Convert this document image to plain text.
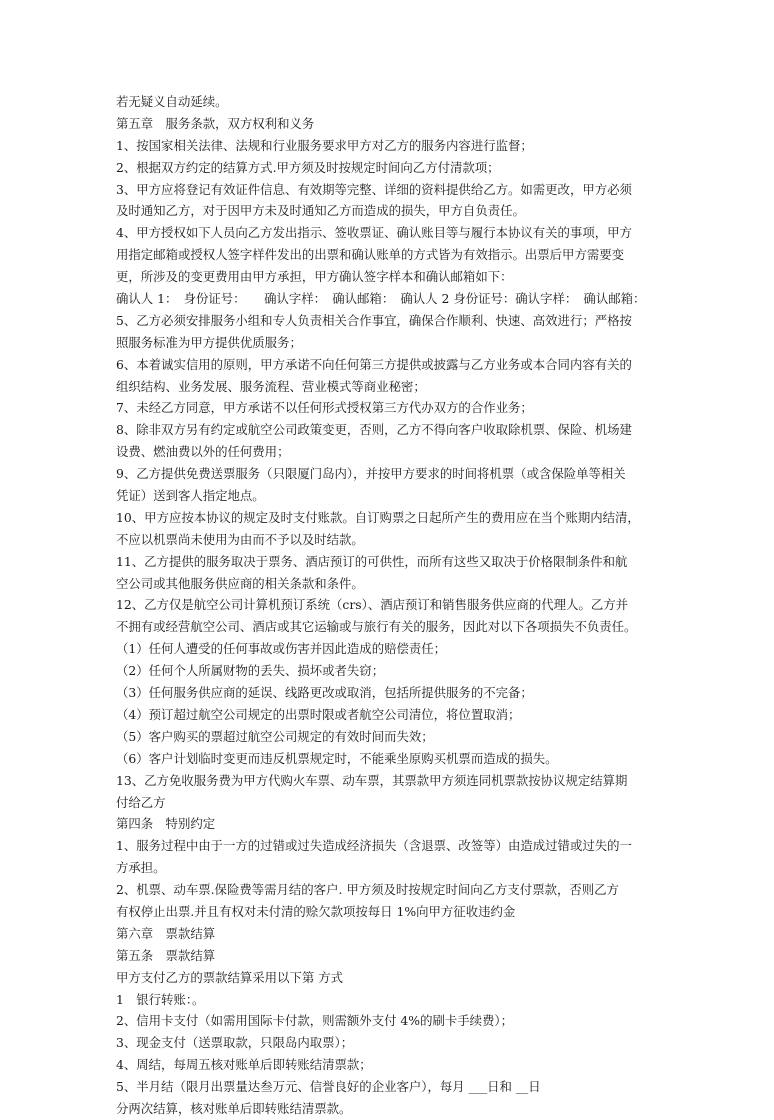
若无疑义自动延续。
第五章　服务条款，双方权利和义务
1、按国家相关法律、法规和行业服务要求甲方对乙方的服务内容进行监督；
2、根据双方约定的结算方式.甲方须及时按规定时间向乙方付清款项；
3、甲方应将登记有效证件信息、有效期等完整、详细的资料提供给乙方。如需更改，甲方必须
及时通知乙方，对于因甲方未及时通知乙方而造成的损失，甲方自负责任。
4、甲方授权如下人员向乙方发出指示、签收票证、确认账目等与履行本协议有关的事项，甲方
用指定邮箱或授权人签字样件发出的出票和确认账单的方式皆为有效指示。出票后甲方需要变
更，所涉及的变更费用由甲方承担，甲方确认签字样本和确认邮箱如下：
确认人 1：　身份证号：　　确认字样：　确认邮箱：　确认人 2 身份证号：确认字样：　确认邮箱：
5、乙方必须安排服务小组和专人负责相关合作事宜，确保合作顺利、快速、高效进行；严格按
照服务标准为甲方提供优质服务；
6、本着诚实信用的原则，甲方承诺不向任何第三方提供或披露与乙方业务或本合同内容有关的
组织结构、业务发展、服务流程、营业模式等商业秘密；
7、未经乙方同意，甲方承诺不以任何形式授权第三方代办双方的合作业务；
8、除非双方另有约定或航空公司政策变更，否则，乙方不得向客户收取除机票、保险、机场建
设费、燃油费以外的任何费用；
9、乙方提供免费送票服务（只限厦门岛内），并按甲方要求的时间将机票（或含保险单等相关
凭证）送到客人指定地点。
10、甲方应按本协议的规定及时支付账款。自订购票之日起所产生的费用应在当个账期内结清，
不应以机票尚未使用为由而不予以及时结款。
11、乙方提供的服务取决于票务、酒店预订的可供性，而所有这些又取决于价格限制条件和航
空公司或其他服务供应商的相关条款和条件。
12、乙方仅是航空公司计算机预订系统（crs）、酒店预订和销售服务供应商的代理人。乙方并
不拥有或经营航空公司、酒店或其它运输或与旅行有关的服务，因此对以下各项损失不负责任。
（1）任何人遭受的任何事故或伤害并因此造成的赔偿责任；
（2）任何个人所属财物的丢失、损坏或者失窃；
（3）任何服务供应商的延误、线路更改或取消，包括所提供服务的不完备；
（4）预订超过航空公司规定的出票时限或者航空公司清位，将位置取消；
（5）客户购买的票超过航空公司规定的有效时间而失效；
（6）客户计划临时变更而违反机票规定时，不能乘坐原购买机票而造成的损失。
13、乙方免收服务费为甲方代购火车票、动车票，其票款甲方须连同机票款按协议规定结算期
付给乙方
第四条　特别约定
1、服务过程中由于一方的过错或过失造成经济损失（含退票、改签等）由造成过错或过失的一
方承担。
2、机票、动车票.保险费等需月结的客户. 甲方须及时按规定时间向乙方支付票款，否则乙方
有权停止出票.并且有权对未付清的赊欠款项按每日 1%向甲方征收违约金
第六章　票款结算
第五条　票款结算
甲方支付乙方的票款结算采用以下第 方式
1　银行转账：。
2、信用卡支付（如需用国际卡付款，则需额外支付 4%的刷卡手续费）；
3、现金支付（送票取款，只限岛内取票）；
4、周结，每周五核对账单后即转账结清票款；
5、半月结（限月出票量达叁万元、信誉良好的企业客户），每月 ___日和 __日
分两次结算，核对账单后即转账结清票款。
